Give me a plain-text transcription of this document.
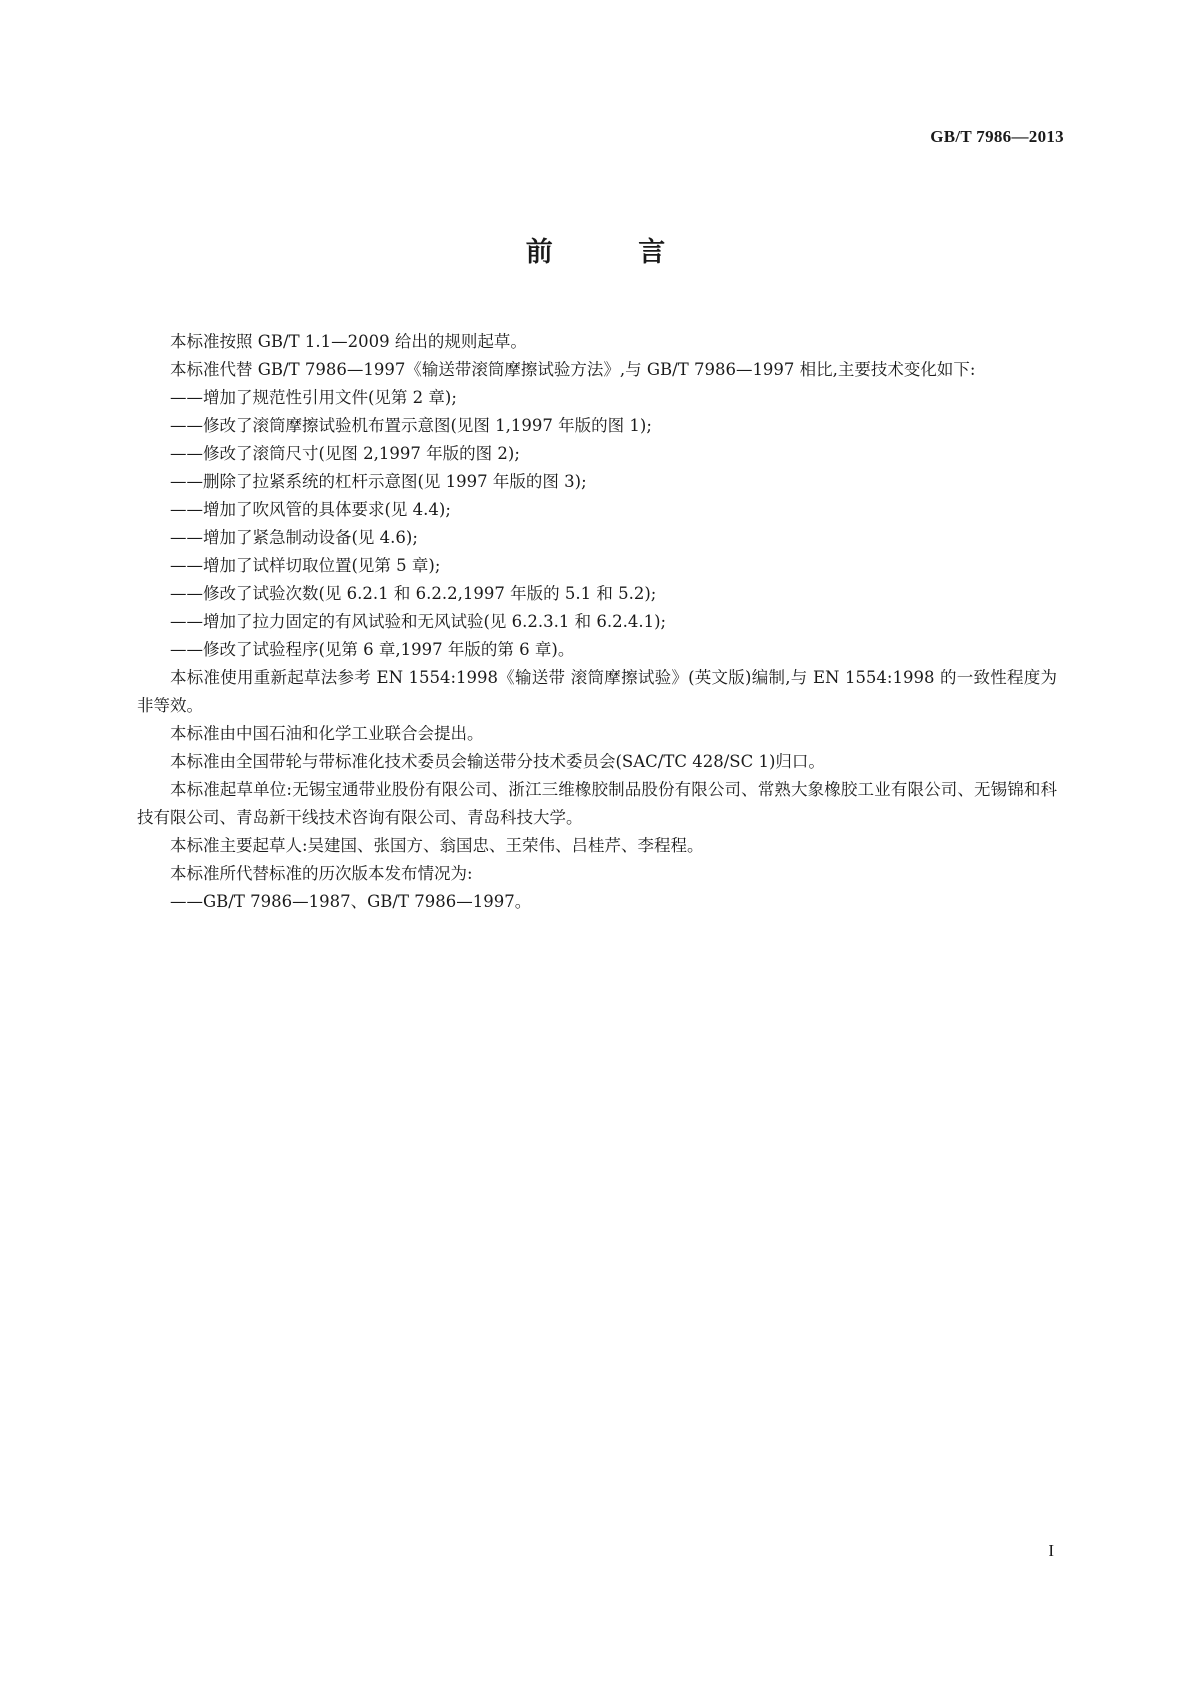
GB/T 7986—2013
前 言

本标准按照 GB/T 1.1—2009 给出的规则起草。

本标准代替 GB/T 7986—1997《输送带滚筒摩擦试验方法》,与 GB/T 7986—1997 相比,主要技术变化如下:

——增加了规范性引用文件(见第 2 章);

——修改了滚筒摩擦试验机布置示意图(见图 1,1997 年版的图 1);

——修改了滚筒尺寸(见图 2,1997 年版的图 2);

——删除了拉紧系统的杠杆示意图(见 1997 年版的图 3);

——增加了吹风管的具体要求(见 4.4);

——增加了紧急制动设备(见 4.6);

——增加了试样切取位置(见第 5 章);

——修改了试验次数(见 6.2.1 和 6.2.2,1997 年版的 5.1 和 5.2);

——增加了拉力固定的有风试验和无风试验(见 6.2.3.1 和 6.2.4.1);

——修改了试验程序(见第 6 章,1997 年版的第 6 章)。

本标准使用重新起草法参考 EN 1554:1998《输送带 滚筒摩擦试验》(英文版)编制,与 EN 1554:1998 的一致性程度为非等效。

本标准由中国石油和化学工业联合会提出。

本标准由全国带轮与带标准化技术委员会输送带分技术委员会(SAC/TC 428/SC 1)归口。

本标准起草单位:无锡宝通带业股份有限公司、浙江三维橡胶制品股份有限公司、常熟大象橡胶工业有限公司、无锡锦和科技有限公司、青岛新干线技术咨询有限公司、青岛科技大学。

本标准主要起草人:吴建国、张国方、翁国忠、王荣伟、吕桂芹、李程程。

本标准所代替标准的历次版本发布情况为:

——GB/T 7986—1987、GB/T 7986—1997。

I
